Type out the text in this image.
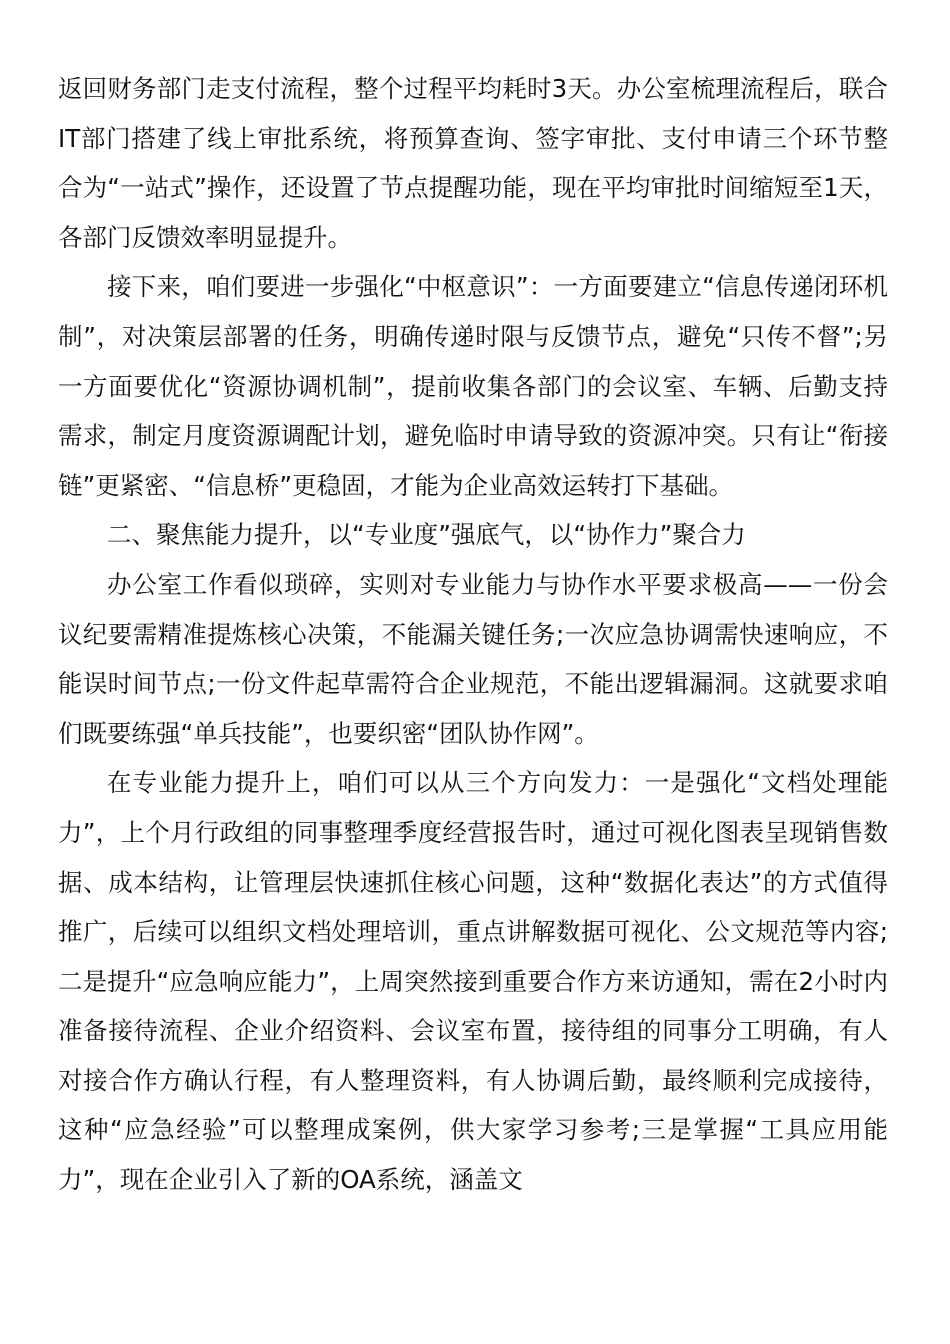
返回财务部门走支付流程，整个过程平均耗时3天。办公室梳理流程后，联合IT部门搭建了线上审批系统，将预算查询、签字审批、支付申请三个环节整合为“一站式”操作，还设置了节点提醒功能，现在平均审批时间缩短至1天，各部门反馈效率明显提升。

接下来，咱们要进一步强化“中枢意识”：一方面要建立“信息传递闭环机制”，对决策层部署的任务，明确传递时限与反馈节点，避免“只传不督”;另一方面要优化“资源协调机制”，提前收集各部门的会议室、车辆、后勤支持需求，制定月度资源调配计划，避免临时申请导致的资源冲突。只有让“衔接链”更紧密、“信息桥”更稳固，才能为企业高效运转打下基础。

二、聚焦能力提升，以“专业度”强底气，以“协作力”聚合力

办公室工作看似琐碎，实则对专业能力与协作水平要求极高——一份会议纪要需精准提炼核心决策，不能漏关键任务;一次应急协调需快速响应，不能误时间节点;一份文件起草需符合企业规范，不能出逻辑漏洞。这就要求咱们既要练强“单兵技能”，也要织密“团队协作网”。

在专业能力提升上，咱们可以从三个方向发力：一是强化“文档处理能力”，上个月行政组的同事整理季度经营报告时，通过可视化图表呈现销售数据、成本结构，让管理层快速抓住核心问题，这种“数据化表达”的方式值得推广，后续可以组织文档处理培训，重点讲解数据可视化、公文规范等内容;二是提升“应急响应能力”，上周突然接到重要合作方来访通知，需在2小时内准备接待流程、企业介绍资料、会议室布置，接待组的同事分工明确，有人对接合作方确认行程，有人整理资料，有人协调后勤，最终顺利完成接待，这种“应急经验”可以整理成案例，供大家学习参考;三是掌握“工具应用能力”，现在企业引入了新的OA系统，涵盖文
